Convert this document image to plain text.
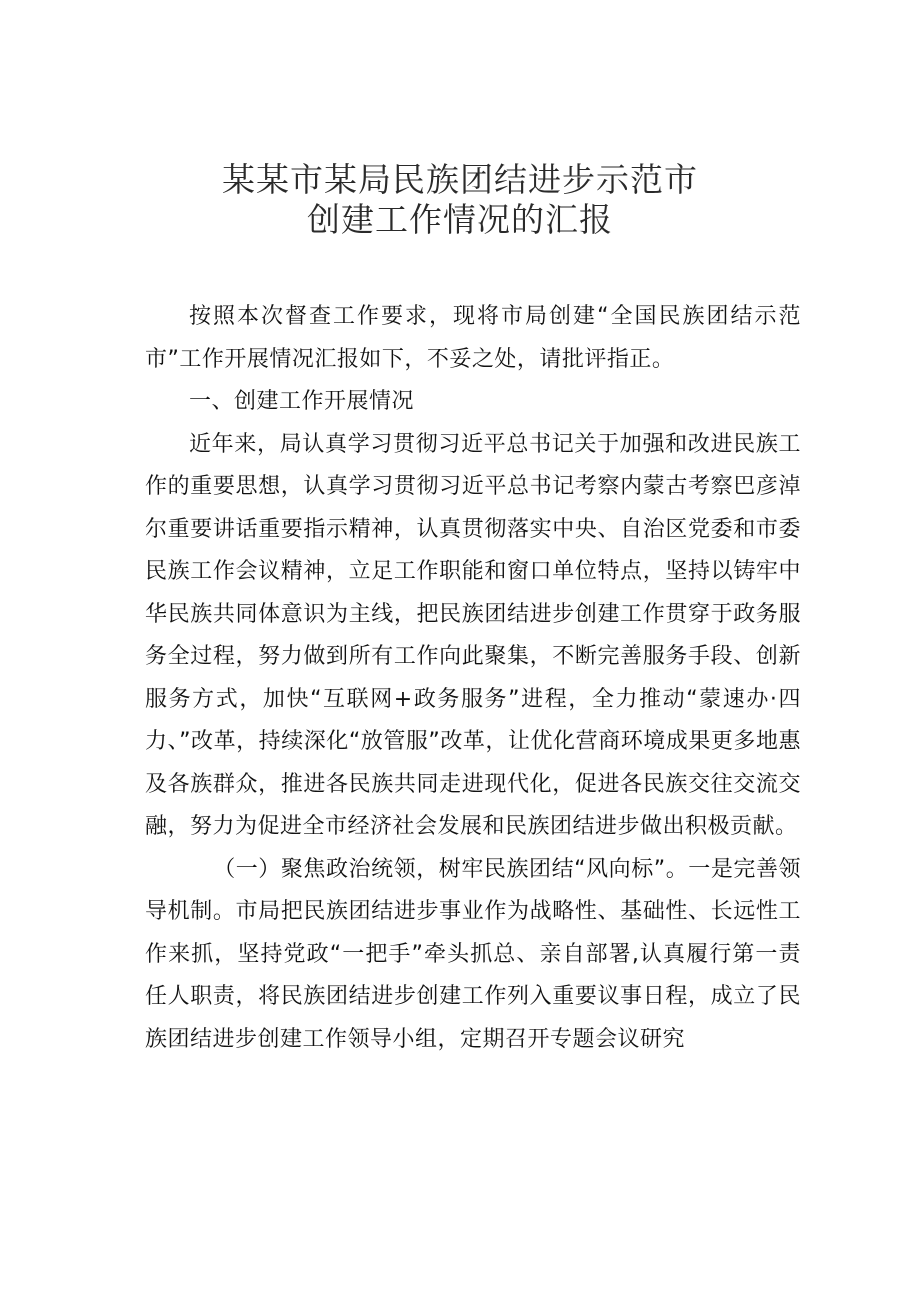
某某市某局民族团结进步示范市
创建工作情况的汇报

按照本次督查工作要求，现将市局创建“全国民族团结示范市”工作开展情况汇报如下，不妥之处，请批评指正。

一、创建工作开展情况

近年来，局认真学习贯彻习近平总书记关于加强和改进民族工作的重要思想，认真学习贯彻习近平总书记考察内蒙古考察巴彦淖尔重要讲话重要指示精神，认真贯彻落实中央、自治区党委和市委民族工作会议精神，立足工作职能和窗口单位特点，坚持以铸牢中华民族共同体意识为主线，把民族团结进步创建工作贯穿于政务服务全过程，努力做到所有工作向此聚集，不断完善服务手段、创新服务方式，加快“互联网+政务服务”进程，全力推动“蒙速办·四力、”改革，持续深化“放管服”改革，让优化营商环境成果更多地惠及各族群众，推进各民族共同走进现代化，促进各民族交往交流交融，努力为促进全市经济社会发展和民族团结进步做出积极贡献。

（一）聚焦政治统领，树牢民族团结“风向标”。一是完善领导机制。市局把民族团结进步事业作为战略性、基础性、长远性工作来抓，坚持党政“一把手”牵头抓总、亲自部署,认真履行第一责任人职责，将民族团结进步创建工作列入重要议事日程，成立了民族团结进步创建工作领导小组，定期召开专题会议研究
